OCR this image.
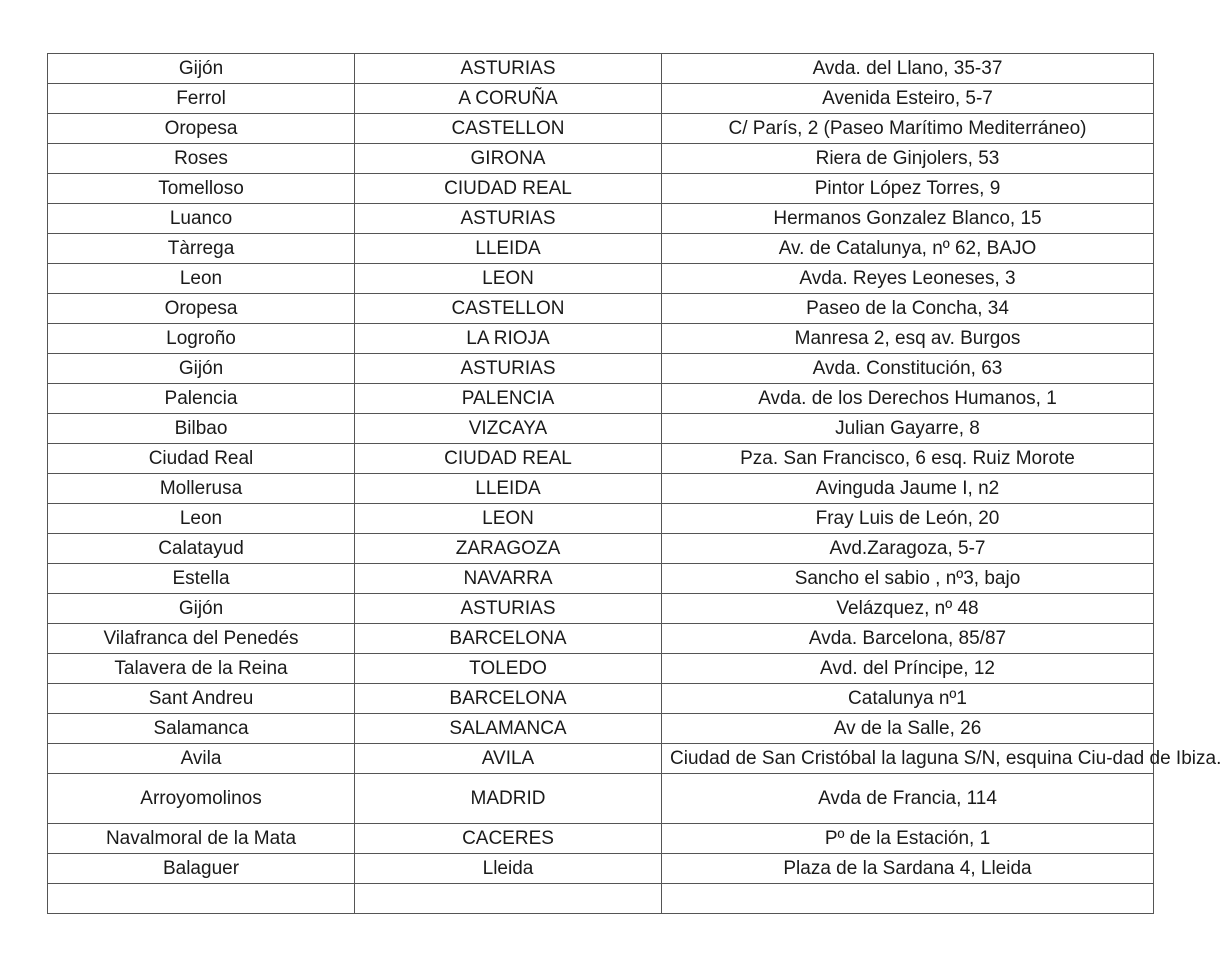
Gijón	ASTURIAS	Avda. del Llano, 35-37
Ferrol	A CORUÑA	Avenida Esteiro, 5-7
Oropesa	CASTELLON	C/ París, 2 (Paseo Marítimo Mediterráneo)
Roses	GIRONA	Riera de Ginjolers, 53
Tomelloso	CIUDAD REAL	Pintor López Torres, 9
Luanco	ASTURIAS	Hermanos Gonzalez Blanco, 15
Tàrrega	LLEIDA	Av. de Catalunya, nº 62, BAJO
Leon	LEON	Avda. Reyes Leoneses, 3
Oropesa	CASTELLON	Paseo de la Concha, 34
Logroño	LA RIOJA	Manresa 2, esq av. Burgos
Gijón	ASTURIAS	Avda. Constitución, 63
Palencia	PALENCIA	Avda. de los Derechos Humanos, 1
Bilbao	VIZCAYA	Julian Gayarre, 8
Ciudad Real	CIUDAD REAL	Pza. San Francisco, 6 esq. Ruiz Morote
Mollerusa	LLEIDA	Avinguda Jaume I, n2
Leon	LEON	Fray Luis de León, 20
Calatayud	ZARAGOZA	Avd.Zaragoza, 5-7
Estella	NAVARRA	Sancho el sabio , nº3, bajo
Gijón	ASTURIAS	Velázquez, nº 48
Vilafranca del Penedés	BARCELONA	Avda. Barcelona, 85/87
Talavera de la Reina	TOLEDO	Avd. del Príncipe, 12
Sant Andreu	BARCELONA	Catalunya nº1
Salamanca	SALAMANCA	Av de la Salle, 26
Avila	AVILA	Ciudad de San Cristóbal la laguna S/N, esquina Ciu-dad de Ibiza.
Arroyomolinos	MADRID	Avda de Francia, 114
Navalmoral de la Mata	CACERES	Pº de la Estación, 1
Balaguer	Lleida	Plaza de la Sardana 4, Lleida
